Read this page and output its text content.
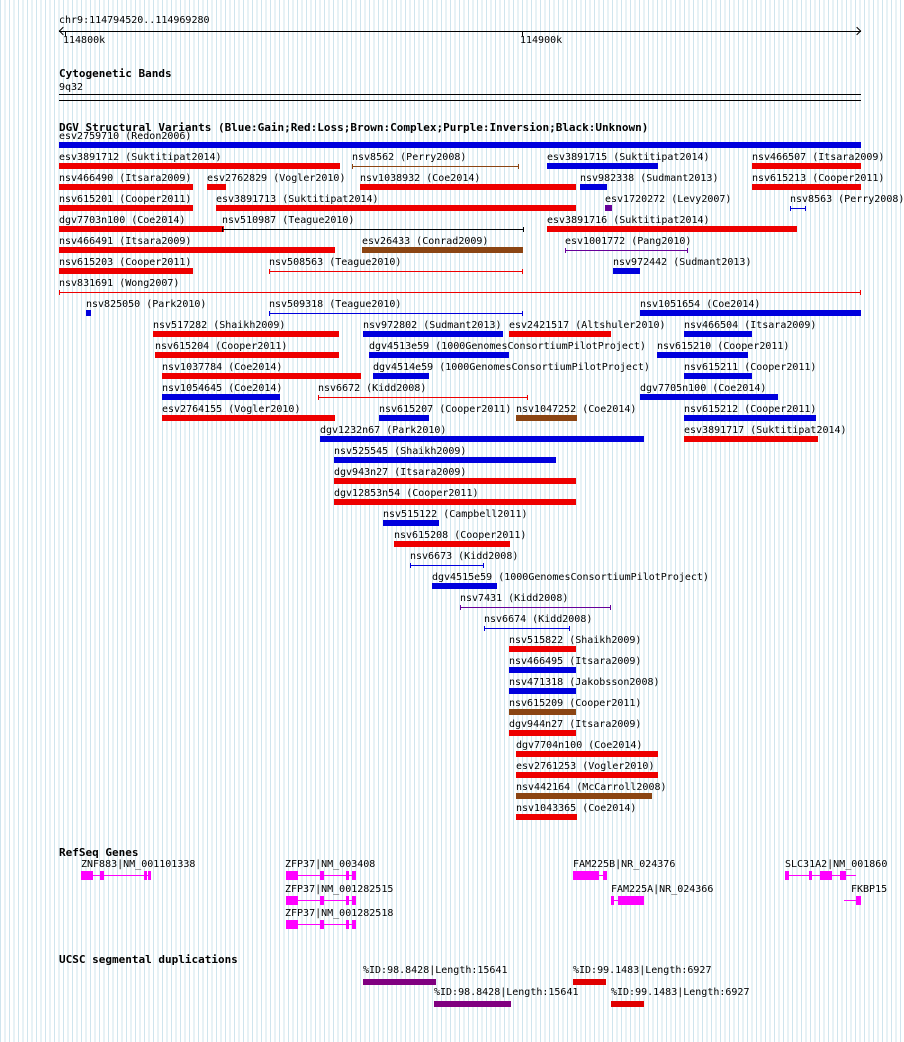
chr9:114794520..114969280
114800k	114900k
Cytogenetic Bands
9q32
DGV Structural Variants (Blue:Gain;Red:Loss;Brown:Complex;Purple:Inversion;Black:Unknown)
RefSeq Genes
UCSC segmental duplications
esv2759710 (Redon2006)
esv3891712 (Suktitipat2014)	nsv8562 (Perry2008)	esv3891715 (Suktitipat2014)	nsv466507 (Itsara2009)
nsv466490 (Itsara2009) esv2762829 (Vogler2010) nsv1038932 (Coe2014)	nsv982338 (Sudmant2013)	nsv615213 (Cooper2011)
nsv615201 (Cooper2011) esv3891713 (Suktitipat2014)	esv1720272 (Levy2007)	nsv8563 (Perry2008)
dgv7703n100 (Coe2014)	nsv510987 (Teague2010)	esv3891716 (Suktitipat2014)
nsv466491 (Itsara2009)	esv26433 (Conrad2009)	esv1001772 (Pang2010)
nsv615203 (Cooper2011)	nsv508563 (Teague2010)	nsv972442 (Sudmant2013)
nsv831691 (Wong2007)
nsv825050 (Park2010)	nsv509318 (Teague2010)	nsv1051654 (Coe2014)
nsv517282 (Shaikh2009)	nsv972802 (Sudmant2013) esv2421517 (Altshuler2010) nsv466504 (Itsara2009)
nsv615204 (Cooper2011)	dgv4513e59 (1000GenomesConsortiumPilotProject) nsv615210 (Cooper2011)
nsv1037784 (Coe2014)	dgv4514e59 (1000GenomesConsortiumPilotProject)	nsv615211 (Cooper2011)
nsv1054645 (Coe2014)	nsv6672 (Kidd2008)	dgv7705n100 (Coe2014)
esv2764155 (Vogler2010)	nsv615207 (Cooper2011) nsv1047252 (Coe2014)	nsv615212 (Cooper2011)
dgv1232n67 (Park2010)	esv3891717 (Suktitipat2014)
nsv525545 (Shaikh2009)
dgv943n27 (Itsara2009)
dgv12853n54 (Cooper2011)
nsv515122 (Campbell2011)
nsv615208 (Cooper2011)
nsv6673 (Kidd2008)
dgv4515e59 (1000GenomesConsortiumPilotProject)
nsv7431 (Kidd2008)
nsv6674 (Kidd2008)
nsv515822 (Shaikh2009)
nsv466495 (Itsara2009)
nsv471318 (Jakobsson2008)
nsv615209 (Cooper2011)
dgv944n27 (Itsara2009)
dgv7704n100 (Coe2014)
esv2761253 (Vogler2010)
nsv442164 (McCarroll2008)
nsv1043365 (Coe2014)
ZNF883|NM_001101338	ZFP37|NM_003408
ZFP37|NM_001282515
ZFP37|NM_001282518
FAM225B|NR_024376
FAM225A|NR_024366
SLC31A2|NM_001860
FKBP15
%ID:98.8428|Length:15641	%ID:99.1483|Length:6927
%ID:98.8428|Length:15641	%ID:99.1483|Length:6927
